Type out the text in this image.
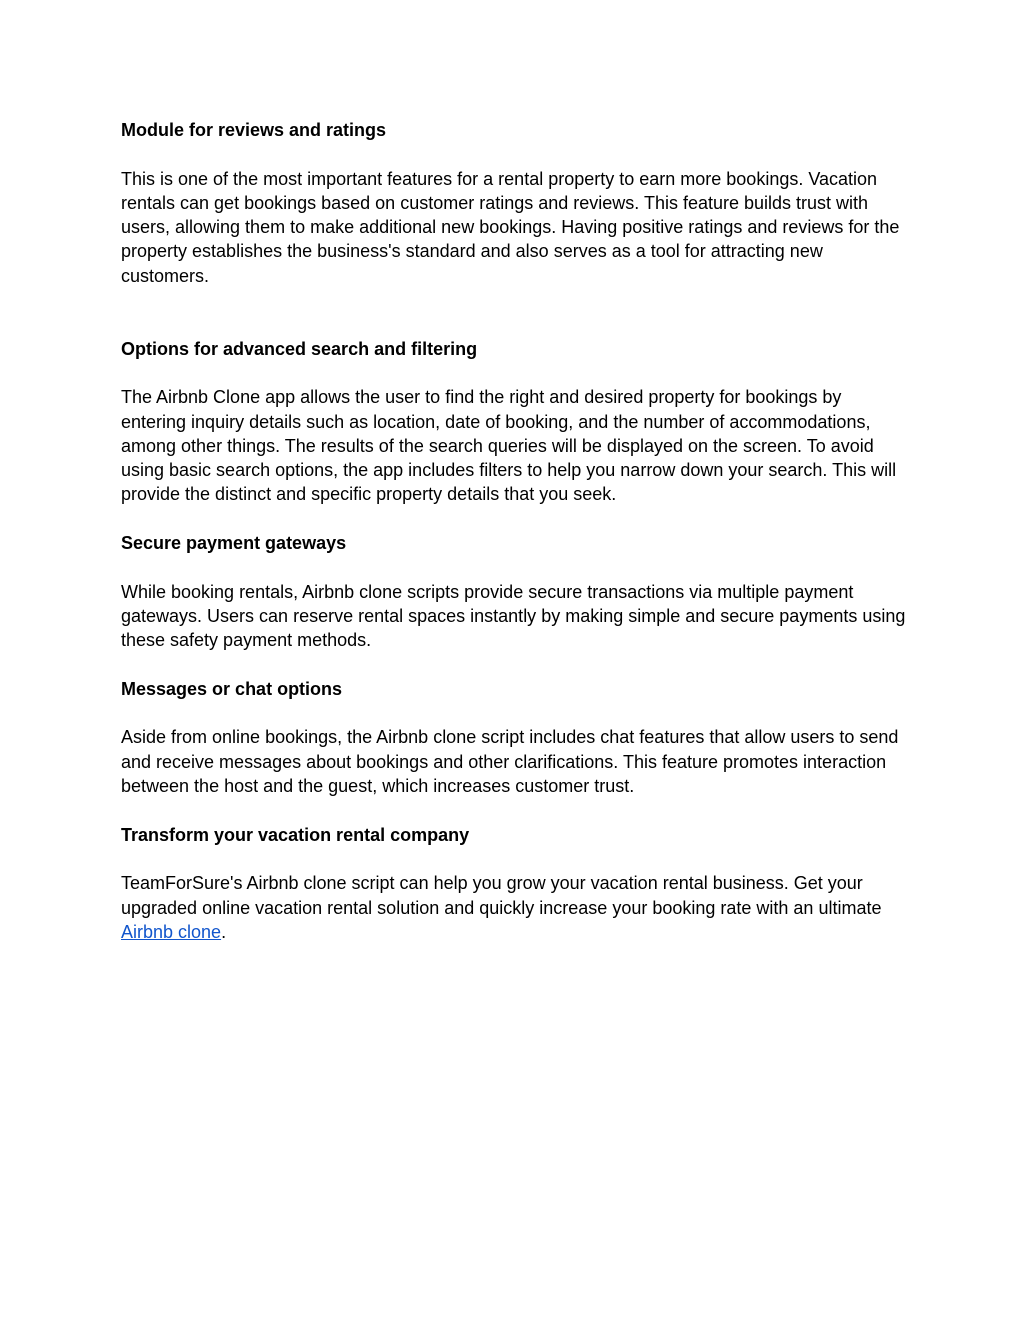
Module for reviews and ratings

This is one of the most important features for a rental property to earn more bookings. Vacation rentals can get bookings based on customer ratings and reviews. This feature builds trust with users, allowing them to make additional new bookings. Having positive ratings and reviews for the property establishes the business's standard and also serves as a tool for attracting new customers.

Options for advanced search and filtering

The Airbnb Clone app allows the user to find the right and desired property for bookings by entering inquiry details such as location, date of booking, and the number of accommodations, among other things. The results of the search queries will be displayed on the screen. To avoid using basic search options, the app includes filters to help you narrow down your search. This will provide the distinct and specific property details that you seek.

Secure payment gateways

While booking rentals, Airbnb clone scripts provide secure transactions via multiple payment gateways. Users can reserve rental spaces instantly by making simple and secure payments using these safety payment methods.

Messages or chat options

Aside from online bookings, the Airbnb clone script includes chat features that allow users to send and receive messages about bookings and other clarifications. This feature promotes interaction between the host and the guest, which increases customer trust.

Transform your vacation rental company

TeamForSure's Airbnb clone script can help you grow your vacation rental business. Get your upgraded online vacation rental solution and quickly increase your booking rate with an ultimate Airbnb clone.
